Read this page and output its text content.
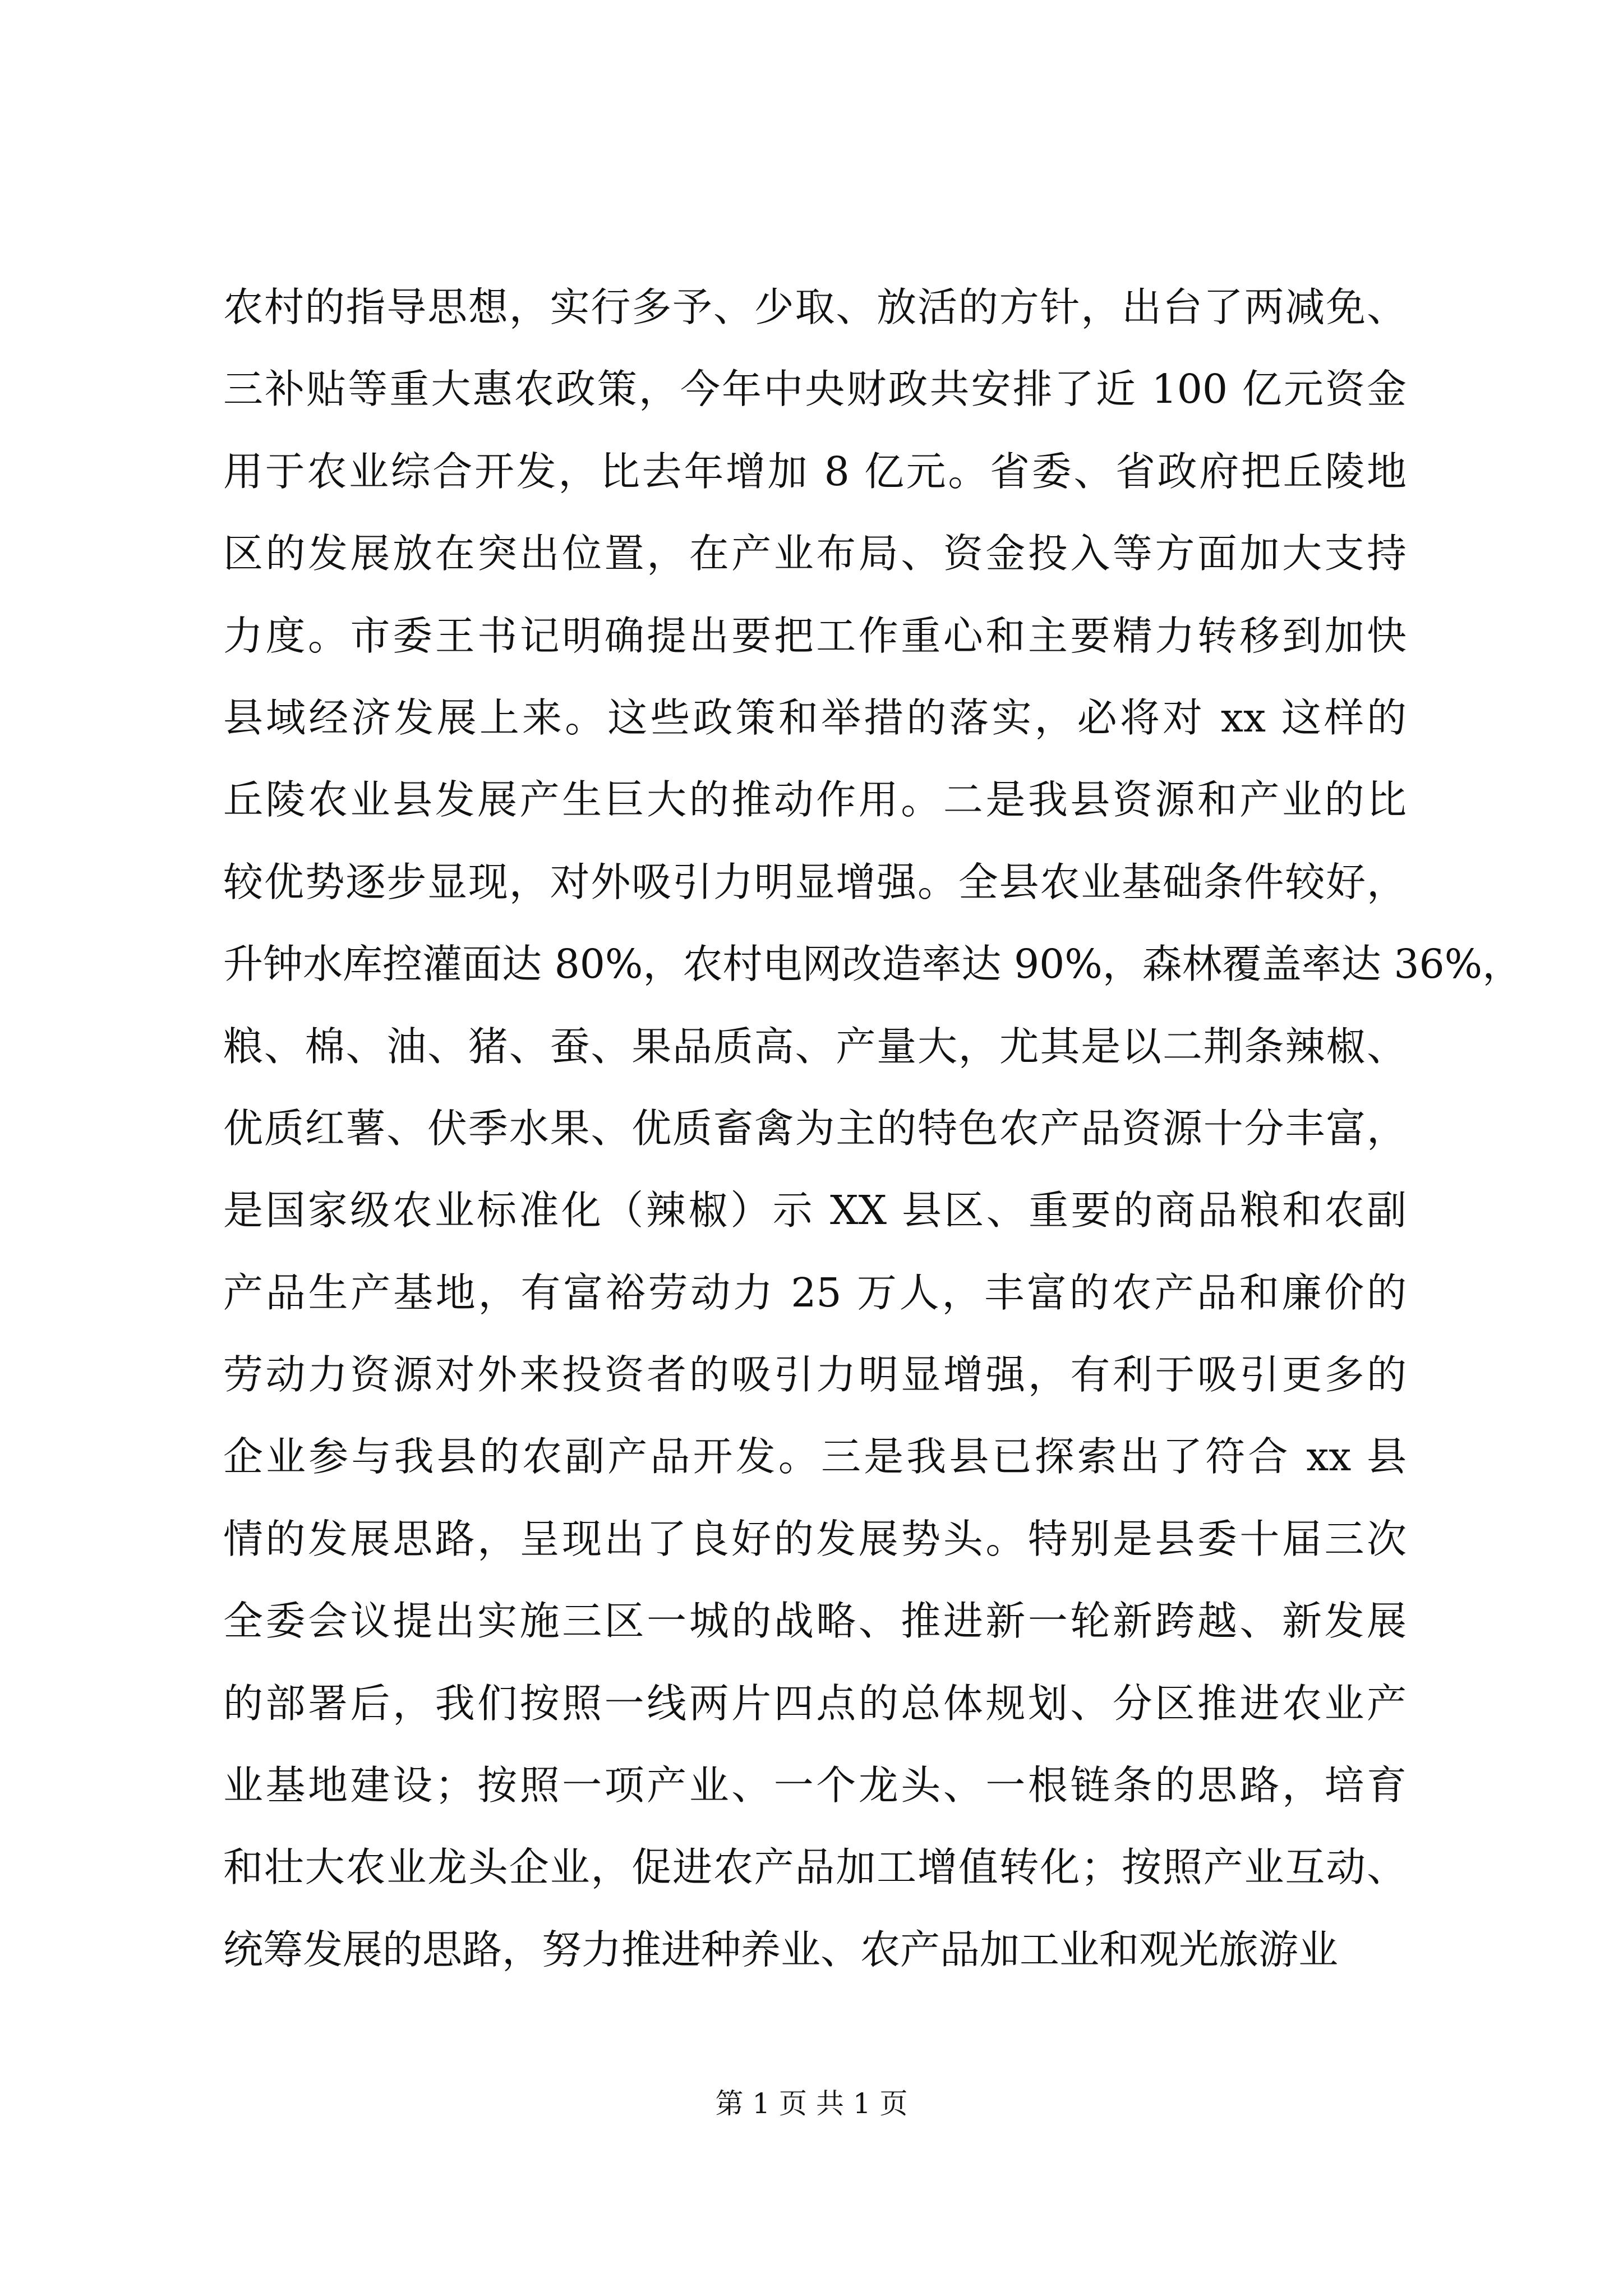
农村的指导思想，实行多予、少取、放活的方针，出台了两减免、
三补贴等重大惠农政策，今年中央财政共安排了近 100 亿元资金
用于农业综合开发，比去年增加 8 亿元。省委、省政府把丘陵地
区的发展放在突出位置，在产业布局、资金投入等方面加大支持
力度。市委王书记明确提出要把工作重心和主要精力转移到加快
县域经济发展上来。这些政策和举措的落实，必将对 xx 这样的
丘陵农业县发展产生巨大的推动作用。二是我县资源和产业的比
较优势逐步显现，对外吸引力明显增强。全县农业基础条件较好，
升钟水库控灌面达 80%，农村电网改造率达 90%，森林覆盖率达 36%，
粮、棉、油、猪、蚕、果品质高、产量大，尤其是以二荆条辣椒、
优质红薯、伏季水果、优质畜禽为主的特色农产品资源十分丰富，
是国家级农业标准化（辣椒）示 XX 县区、重要的商品粮和农副
产品生产基地，有富裕劳动力 25 万人，丰富的农产品和廉价的
劳动力资源对外来投资者的吸引力明显增强，有利于吸引更多的
企业参与我县的农副产品开发。三是我县已探索出了符合 xx 县
情的发展思路，呈现出了良好的发展势头。特别是县委十届三次
全委会议提出实施三区一城的战略、推进新一轮新跨越、新发展
的部署后，我们按照一线两片四点的总体规划、分区推进农业产
业基地建设；按照一项产业、一个龙头、一根链条的思路，培育
和壮大农业龙头企业，促进农产品加工增值转化；按照产业互动、
统筹发展的思路，努力推进种养业、农产品加工业和观光旅游业
第 1 页 共 1 页
